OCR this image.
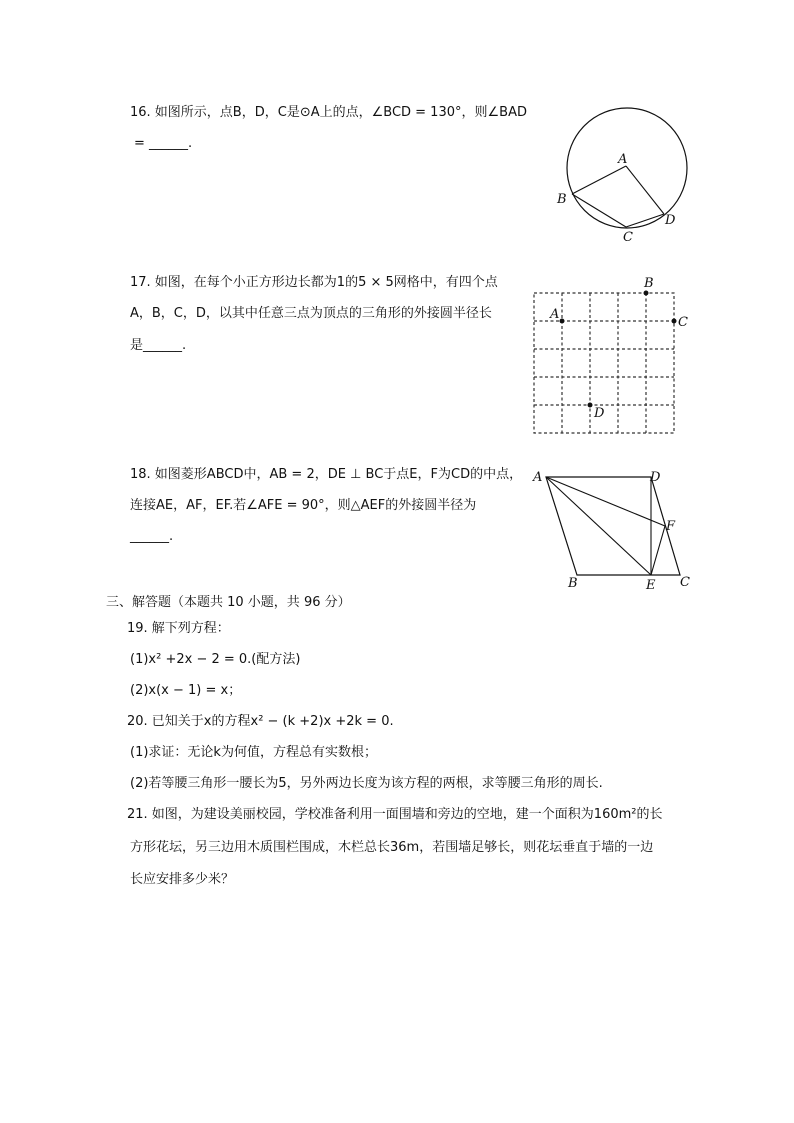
16. 如图所示，点B，D，C是⊙A上的点，∠BCD = 130°，则∠BAD
= ______.
A
B
C
D
17. 如图，在每个小正方形边长都为1的5 × 5网格中，有四个点
A，B，C，D，以其中任意三点为顶点的三角形的外接圆半径长
是______.
A
B
C
D
18. 如图菱形ABCD中，AB = 2，DE ⊥ BC于点E，F为CD的中点，
连接AE，AF，EF.若∠AFE = 90°，则△AEF的外接圆半径为
______.
A	D
F
B	E C
三、解答题（本题共 10 小题，共 96 分）
19. 解下列方程：
(1)x² +2x − 2 = 0.(配方法)
(2)x(x − 1) = x；
20. 已知关于x的方程x² − (k +2)x +2k = 0.
(1)求证：无论k为何值，方程总有实数根；
(2)若等腰三角形一腰长为5，另外两边长度为该方程的两根，求等腰三角形的周长.
21. 如图，为建设美丽校园，学校准备利用一面围墙和旁边的空地，建一个面积为160m²的长
方形花坛，另三边用木质围栏围成，木栏总长36m，若围墙足够长，则花坛垂直于墙的一边
长应安排多少米？
